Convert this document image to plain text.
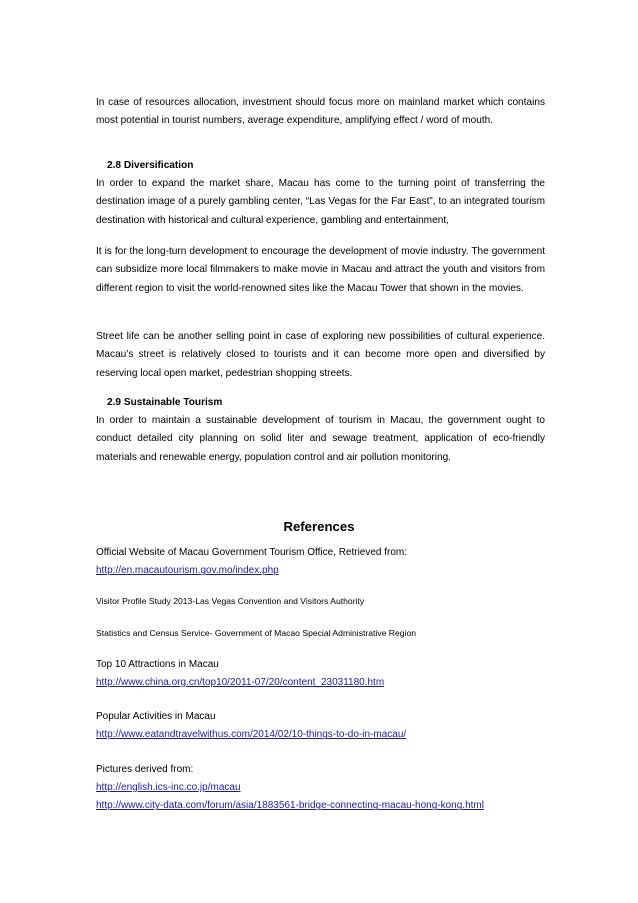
In case of resources allocation, investment should focus more on mainland market which contains most potential in tourist numbers, average expenditure, amplifying effect / word of mouth.

2.8 Diversification

In order to expand the market share, Macau has come to the turning point of transferring the destination image of a purely gambling center, “Las Vegas for the Far East”, to an integrated tourism destination with historical and cultural experience, gambling and entertainment,

It is for the long-turn development to encourage the development of movie industry. The government can subsidize more local filmmakers to make movie in Macau and attract the youth and visitors from different region to visit the world-renowned sites like the Macau Tower that shown in the movies.

Street life can be another selling point in case of exploring new possibilities of cultural experience. Macau’s street is relatively closed to tourists and it can become more open and diversified by reserving local open market, pedestrian shopping streets.

2.9 Sustainable Tourism

In order to maintain a sustainable development of tourism in Macau, the government ought to conduct detailed city planning on solid liter and sewage treatment, application of eco-friendly materials and renewable energy, population control and air pollution monitoring.

References

Official Website of Macau Government Tourism Office, Retrieved from:

http://en.macautourism.gov.mo/index.php

Visitor Profile Study 2013-Las Vegas Convention and Visitors Authority

Statistics and Census Service- Government of Macao Special Administrative Region

Top 10 Attractions in Macau

http://www.china.org.cn/top10/2011-07/20/content_23031180.htm

Popular Activities in Macau

http://www.eatandtravelwithus.com/2014/02/10-things-to-do-in-macau/

Pictures derived from:

http://english.ics-inc.co.jp/macau

http://www.city-data.com/forum/asia/1883561-bridge-connecting-macau-hong-kong.html
